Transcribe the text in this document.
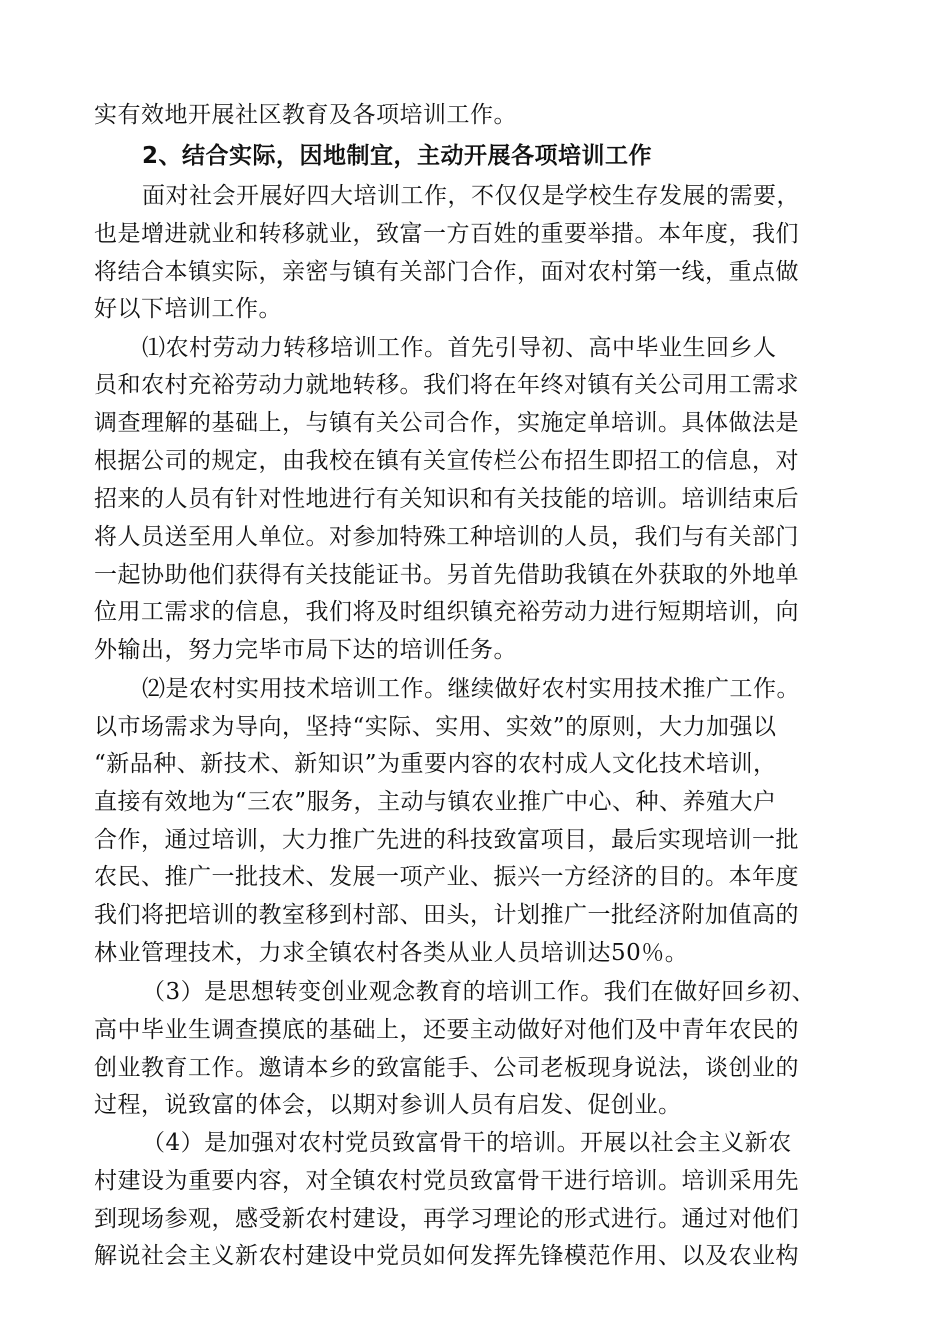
实有效地开展社区教育及各项培训工作。
2、结合实际，因地制宜，主动开展各项培训工作
面对社会开展好四大培训工作，不仅仅是学校生存发展的需要，
也是增进就业和转移就业，致富一方百姓的重要举措。本年度，我们
将结合本镇实际，亲密与镇有关部门合作，面对农村第一线，重点做
好以下培训工作。
⑴农村劳动力转移培训工作。首先引导初、高中毕业生回乡人
员和农村充裕劳动力就地转移。我们将在年终对镇有关公司用工需求
调查理解的基础上，与镇有关公司合作，实施定单培训。具体做法是
根据公司的规定，由我校在镇有关宣传栏公布招生即招工的信息，对
招来的人员有针对性地进行有关知识和有关技能的培训。培训结束后
将人员送至用人单位。对参加特殊工种培训的人员，我们与有关部门
一起协助他们获得有关技能证书。另首先借助我镇在外获取的外地单
位用工需求的信息，我们将及时组织镇充裕劳动力进行短期培训，向
外输出，努力完毕市局下达的培训任务。
⑵是农村实用技术培训工作。继续做好农村实用技术推广工作。
以市场需求为导向，坚持“实际、实用、实效”的原则，大力加强以
“新品种、新技术、新知识”为重要内容的农村成人文化技术培训，
直接有效地为“三农”服务，主动与镇农业推广中心、种、养殖大户
合作，通过培训，大力推广先进的科技致富项目，最后实现培训一批
农民、推广一批技术、发展一项产业、振兴一方经济的目的。本年度
我们将把培训的教室移到村部、田头，计划推广一批经济附加值高的
林业管理技术，力求全镇农村各类从业人员培训达50％。
（3）是思想转变创业观念教育的培训工作。我们在做好回乡初、
高中毕业生调查摸底的基础上，还要主动做好对他们及中青年农民的
创业教育工作。邀请本乡的致富能手、公司老板现身说法，谈创业的
过程，说致富的体会，以期对参训人员有启发、促创业。
（4）是加强对农村党员致富骨干的培训。开展以社会主义新农
村建设为重要内容，对全镇农村党员致富骨干进行培训。培训采用先
到现场参观，感受新农村建设，再学习理论的形式进行。通过对他们
解说社会主义新农村建设中党员如何发挥先锋模范作用、以及农业构
